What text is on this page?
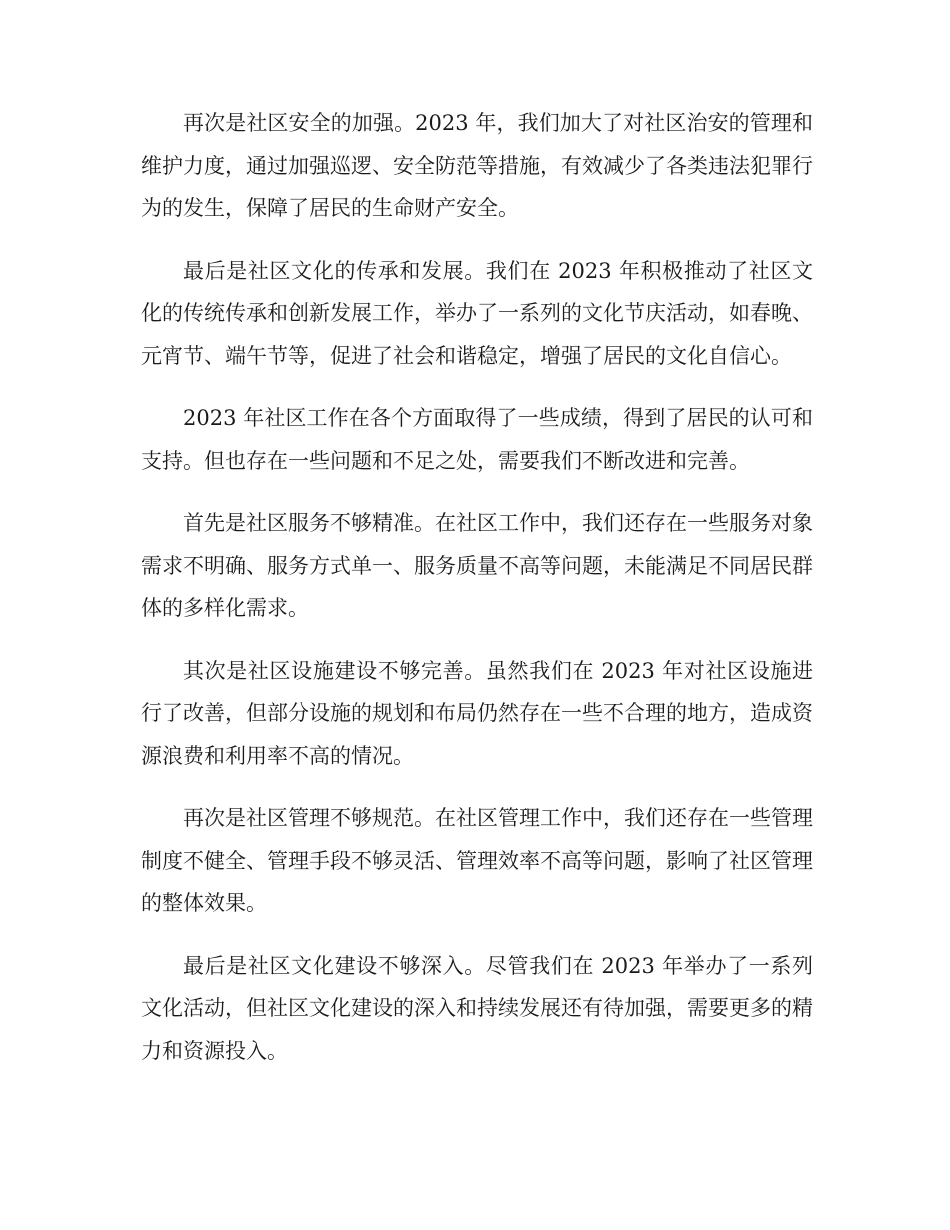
再次是社区安全的加强。2023 年，我们加大了对社区治安的管理和维护力度，通过加强巡逻、安全防范等措施，有效减少了各类违法犯罪行为的发生，保障了居民的生命财产安全。

最后是社区文化的传承和发展。我们在 2023 年积极推动了社区文化的传统传承和创新发展工作，举办了一系列的文化节庆活动，如春晚、元宵节、端午节等，促进了社会和谐稳定，增强了居民的文化自信心。

2023 年社区工作在各个方面取得了一些成绩，得到了居民的认可和支持。但也存在一些问题和不足之处，需要我们不断改进和完善。

首先是社区服务不够精准。在社区工作中，我们还存在一些服务对象需求不明确、服务方式单一、服务质量不高等问题，未能满足不同居民群体的多样化需求。

其次是社区设施建设不够完善。虽然我们在 2023 年对社区设施进行了改善，但部分设施的规划和布局仍然存在一些不合理的地方，造成资源浪费和利用率不高的情况。

再次是社区管理不够规范。在社区管理工作中，我们还存在一些管理制度不健全、管理手段不够灵活、管理效率不高等问题，影响了社区管理的整体效果。

最后是社区文化建设不够深入。尽管我们在 2023 年举办了一系列文化活动，但社区文化建设的深入和持续发展还有待加强，需要更多的精力和资源投入。
